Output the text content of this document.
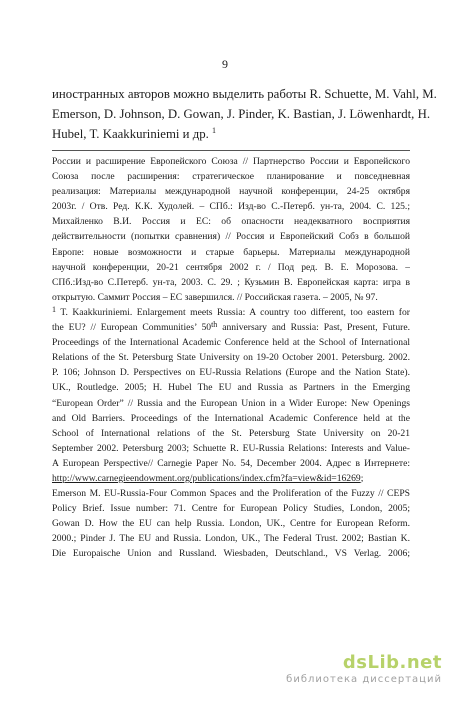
9
иностранных авторов можно выделить работы R. Schuette, M. Vahl, M.
Emerson, D. Johnson, D. Gowan, J. Pinder, K. Bastian, J. Löwenhardt, H.
Hubel, T. Kaakkuriniemi и др. $^1$
России и расширение Европейского Союза // Партнерство России и Европейского
Союза после расширения: стратегическое планирование и повседневная
реализация: Материалы международной научной конференции, 24-25 октября
2003г. / Отв. Ред. К.К. Худолей. – СПб.: Изд-во С.-Петерб. ун-та, 2004. С. 125.;
Михайленко В.И. Россия и ЕС: об опасности неадекватного восприятия
действительности (попытки сравнения) // Россия и Европейский Собз в большой
Европе: новые возможности и старые барьеры. Материалы международной
научной конференции, 20-21 сентября 2002 г. / Под ред. В. Е. Морозова. –
СПб.:Изд-во С.Петерб. ун-та, 2003. С. 29. ; Кузьмин В. Европейская карта: игра в
открытую. Саммит Россия – ЕС завершился. // Российская газета. – 2005, № 97.
$^1$ T. Kaakkuriniemi. Enlargement meets Russia: A country too different, too eastern for
the EU? // European Communities’ 50th anniversary and Russia: Past, Present, Future.
Proceedings of the International Academic Conference held at the School of International
Relations of the St. Petersburg State University on 19-20 October 2001. Petersburg. 2002.
P. 106; Johnson D. Perspectives on EU-Russia Relations (Europe and the Nation State).
UK., Routledge. 2005; H. Hubel The EU and Russia as Partners in the Emerging
“European Order” // Russia and the European Union in a Wider Europe: New Openings
and Old Barriers. Proceedings of the International Academic Conference held at the
School of International relations of the St. Petersburg State University on 20-21
September 2002. Petersburg 2003; Schuette R. EU-Russia Relations: Interests and Value-
A European Perspective// Carnegie Paper No. 54, December 2004. Адрес в Интернете:
http://www.carnegieendowment.org/publications/index.cfm?fa=view&id=16269;
Emerson M. EU-Russia-Four Common Spaces and the Proliferation of the Fuzzy // CEPS
Policy Brief. Issue number: 71. Centre for European Policy Studies, London, 2005;
Gowan D. How the EU can help Russia. London, UK., Centre for European Reform.
2000.; Pinder J. The EU and Russia. London, UK., The Federal Trust. 2002; Bastian K.
Die Europaische Union and Russland. Wiesbaden, Deutschland., VS Verlag. 2006;
dsLib.net
библиотека диссертаций
